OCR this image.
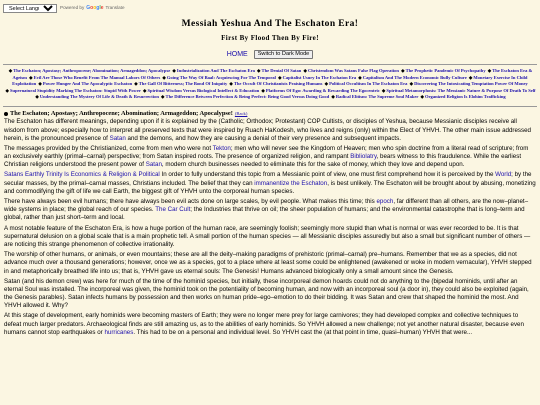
Select Language
Powered by Google Translate
Messiah Yeshua And The Eschaton Era!
First By Flood Then By Fire!
HOME	Switch to Dark Mode
◆The Eschaton; Apostasy; Anthropocene; Abomination; Armageddon; Apocalypse ◆Industrialization And The Eschaton Era ◆The Denial Of Satan ◆Christendom Was Satans False Flag Operation ◆The Prophetic Pandemic Of Psychopathy ◆The Eschaton Era & Ageism ◆Evil Are Those Who Benefit From The Manual Labors Of Others ◆Going The Way Of Baal: Acquiescing For The Temporal ◆Capitalist Usury In The Eschaton Era ◆Capitalism And The Modern Economic Bully Culture ◆Monetary Exercise In Child Exploitation ◆Power Hunger And The Apocalyptic Eschaton ◆The Gall Of Bitterness; The Bond Of Iniquity ◆The Occult Of Christianists Praising Humans ◆Political Occultism In The Eschaton Era ◆Discovering The Intoxicating Temptation Power Of Money ◆Supernatural Stupidity Marking The Eschaton: Stupid With Power ◆Spiritual Wisdom Versus Biological Intellect & Education ◆Platforms Of Ego: Awarding & Rewarding The Egocentric ◆Spiritual Metamorphosis: The Messianic Nature & Purpose Of Death To Self ◆Understanding The Mystery Of Life & Death & Resurrection ◆The Difference Between Perfection & Being Perfect: Being Good Versus Doing Good ◆Radical Elitism: The Supreme Soul Maker ◆Organized Religion Is Elohim Trafficking
The Eschaton; Apostasy; Anthropocene; Abomination; Armageddon; Apocalypse! (Back)

The Eschaton has different meanings, depending upon if it is explained by the (Catholic; Orthodox; Protestant) COP Cultists, or disciples of Yeshua, because Messianic disciples receive all wisdom from above; especially how to interpret all preserved texts that were inspired by Ruach HaKodesh, who lives and reigns (only) within the Elect of YHVH. The other main issue addressed herein, is the pronounced presence of Satan and the demons, and how they are causing a denial of their very presence and subsequent impacts.

The messages provided by the Christianized, come from men who were not Tekton; men who will never see the Kingdom of Heaven; men who spin doctrine from a literal read of scripture; from an exclusively earthly (primal–carnal) perspective; from Satan inspired roots. The presence of organized religion, and rampant Bibliolatry, bears witness to this fraudulence. While the earliest Christian religions understood the present power of Satan, modern church businesses needed to eliminate this for the sake of money, which they love and depend upon.

Satans Earthly Trinity Is Economics & Religion & Political In order to fully understand this topic from a Messianic point of view, one must first comprehend how it is perceived by the World; by the secular masses, by the primal–carnal masses, Christians included. The belief that they can immanentize the Eschaton, is best unlikely. The Eschaton will be brought about by abusing, monetizing and commodifying the gift of life we call Earth, the biggest gift of YHVH unto the corporeal human species.

There have always been evil humans; there have always been evil acts done on large scales, by evil people. What makes this time; this epoch, far different than all others, are the now–planet–wide systems in place; the global reach of our species. The Car Cult; the Industries that thrive on oil; the sheer population of humans; and the environmental catastrophe that is long–term and global, rather than just short–term and local.

A most notable feature of the Eschaton Era, is how a huge portion of the human race, are seemingly foolish; seemingly more stupid than what is normal or was ever recorded to be. It is that supernatural delusion on a global scale that is a main prophetic tell. A small portion of the human species — all Messianic disciples assuredly but also a small but significant number of others — are noticing this strange phenomenon of collective irrationality.

The worship of other humans, or animals, or even mountains; these are all the deity–making paradigms of prehistoric (primal–carnal) pre–humans. Remember that we as a species, did not advance much over a thousand generations; however, once we as a species, got to a place where at least some could be enlightened (awakened or woke in modern vernacular), YHVH stepped in and metaphorically breathed life into us; that is, YHVH gave us eternal souls: The Genesis! Humans advanced biologically only a small amount since the Genesis.

Satan (and his demon crew) was here for much of the time of the hominid species, but initially, these incorporeal demon hoards could not do anything to the (bipedal hominids, until after an eternal Soul was installed. The incorporeal was given, the hominid took on the potentiality of becoming human, and now with an incorporeal soul (a door in), they could also be exploited (again, the Genesis parables). Satan infects humans by possession and then works on human pride–ego–emotion to do their bidding. It was Satan and crew that shaped the hominid the most. And YHVH allowed it. Why?

At this stage of development, early hominids were becoming masters of Earth; they were no longer mere prey for large carnivores; they had developed complex and collective techniques to defeat much larger predators. Archaeological finds are still amazing us, as to the abilities of early hominids. So YHVH allowed a new challenge; not yet another natural disaster, because even humans cannot stop earthquakes or hurricanes. This had to be on a personal and individual level. So YHVH cast the (at that point in time, quasi–human) YHVH that were...
